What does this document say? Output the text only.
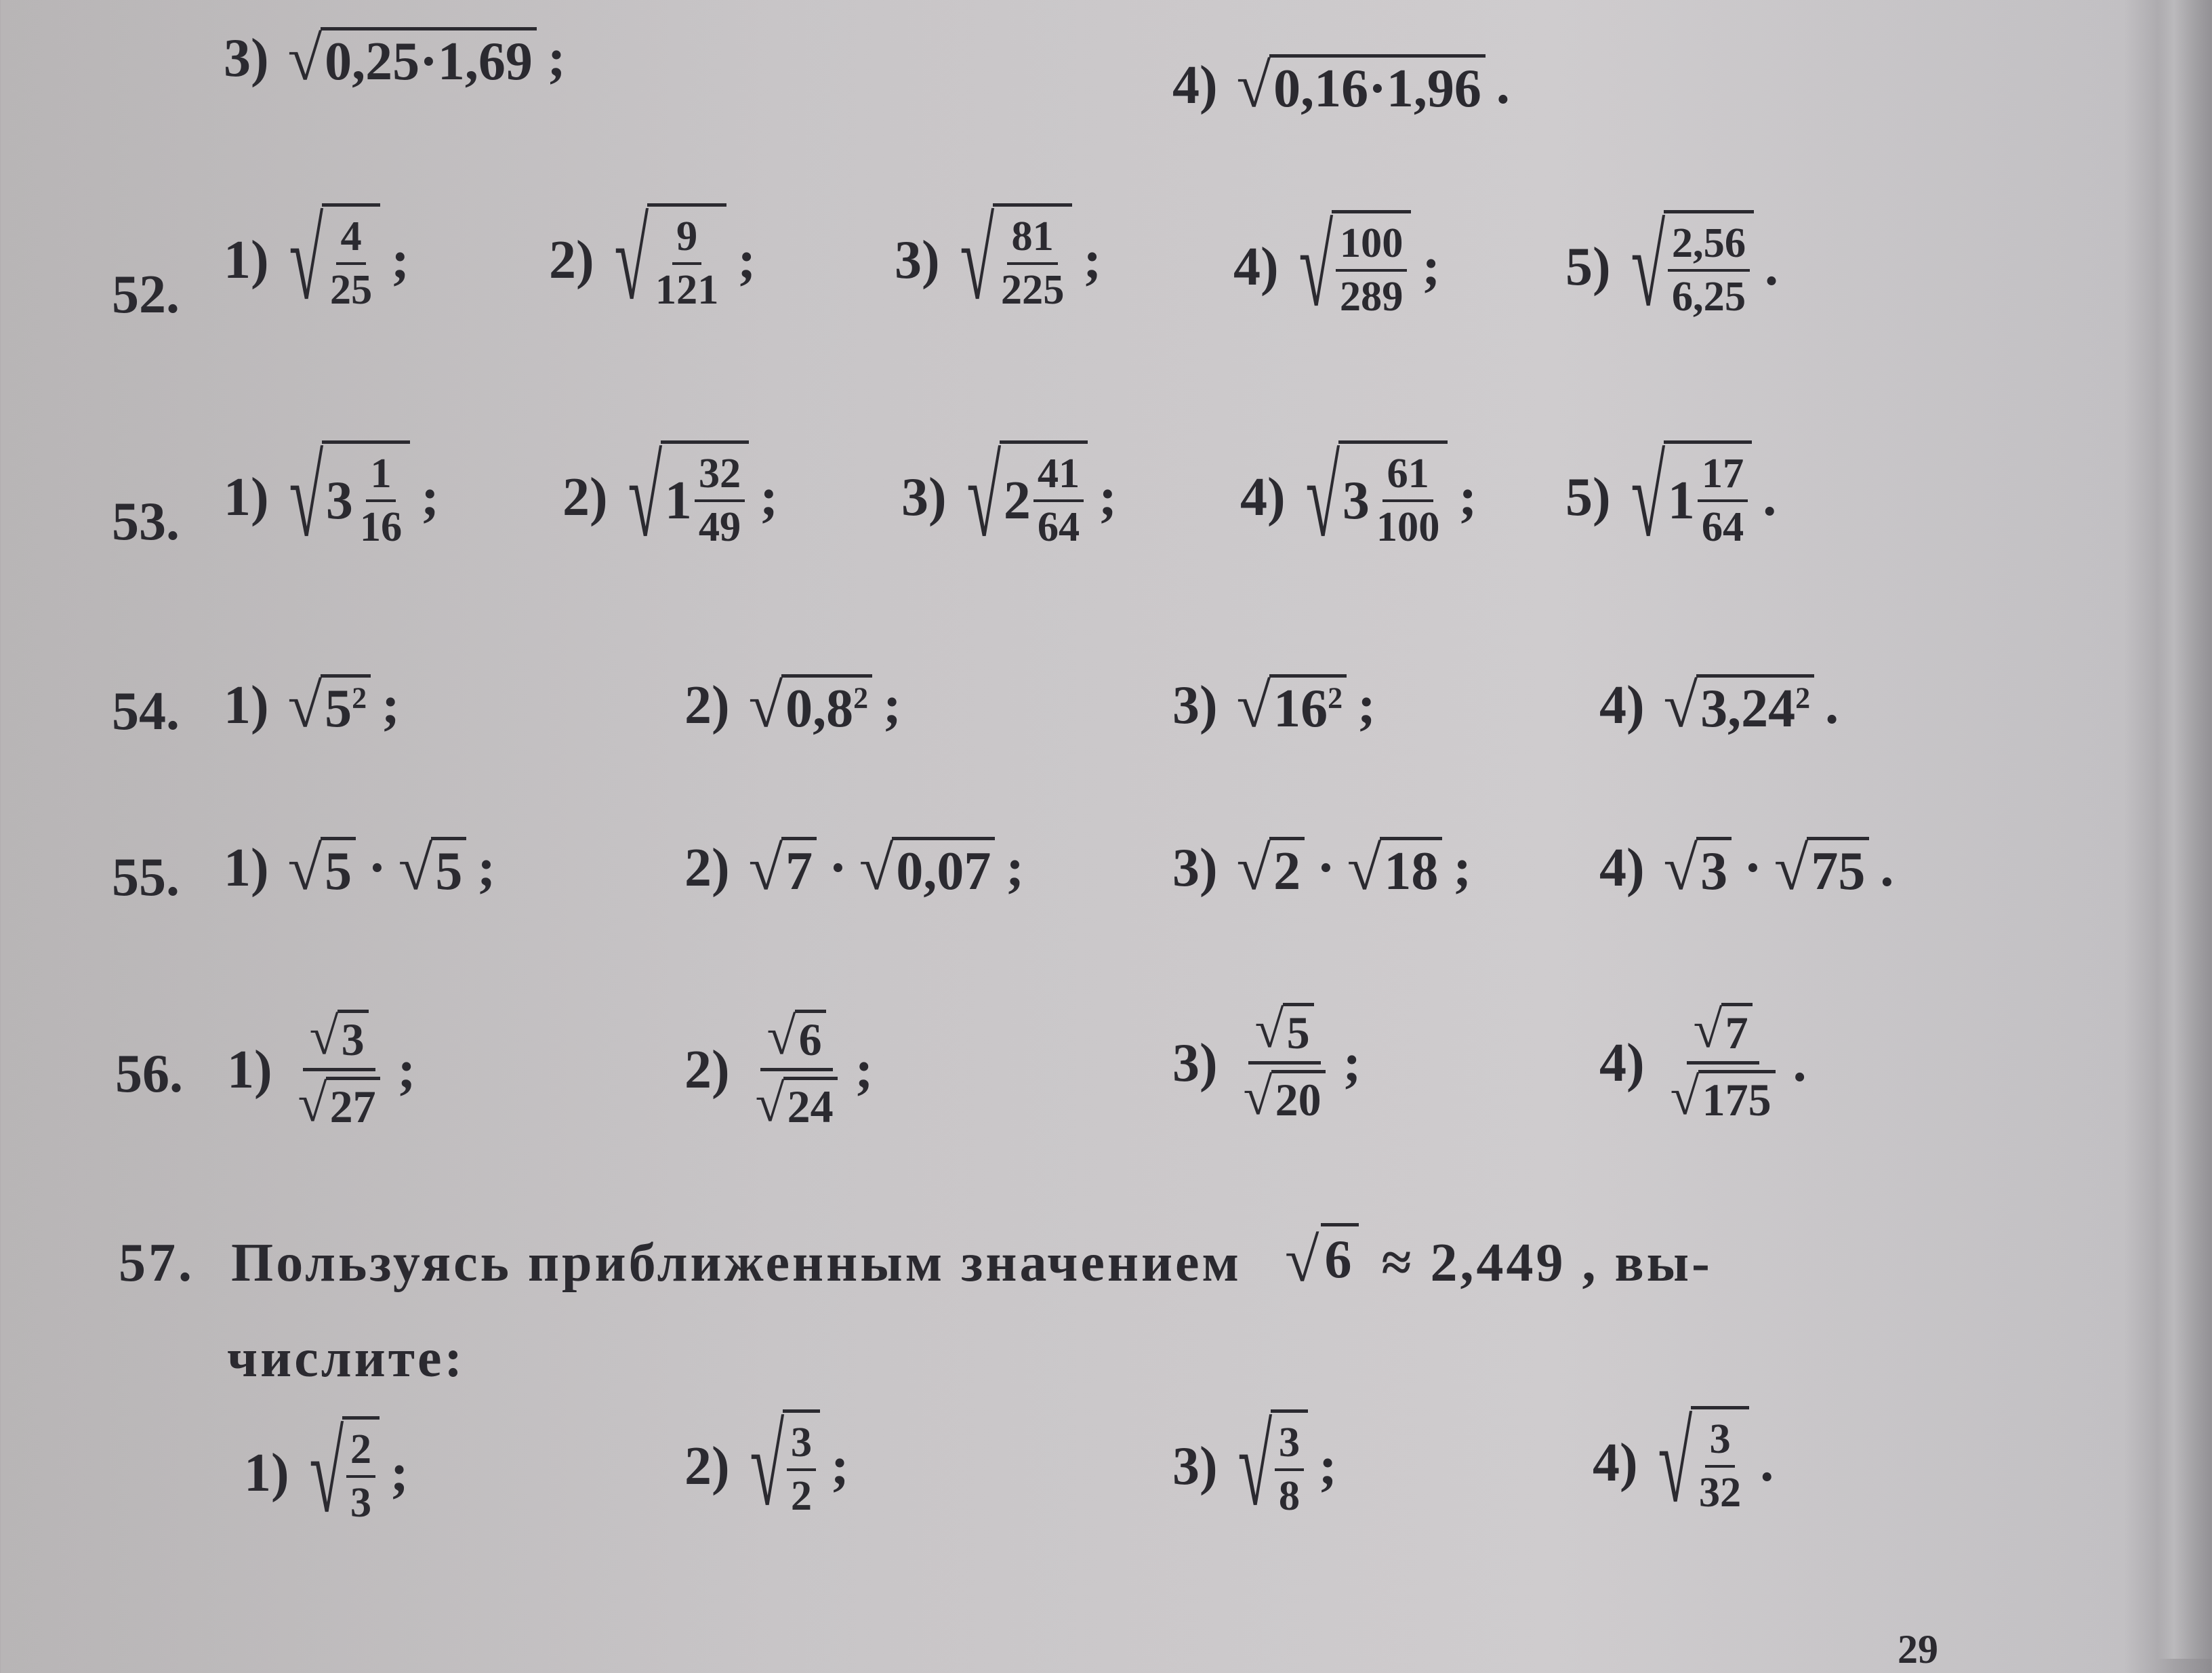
3) √ 0,25·1,69 ;	4) √ 0,16·1,96 .
52.
53.
54.
55.
56.
57. Пользуясь приближенным значением √ 6 ≈ 2,449 , вы-
числите:
29
1) √ $\frac{4}{25}$ ;	2) √ $\frac{9}{121}$ ;	3) √ $\frac{81}{225}$ ; 4) √ $\frac{100}{289}$ ; 5) √ $\frac{2,56}{6,25}$ .
1) √ $3 \frac{1}{16}$ ; 2) √ $1 \frac{32}{49}$ ; 3) √ $2 \frac{41}{64}$ ; 4) √ $3 \frac{61}{100}$ ; 5) √ $1 \frac{17}{64}$ .
1) √ $5^2$ ;	2) √ $0,8^2$ ;	3) √ $16^2$ ;	4) √ 3,24$^2$ .
1) √ 5 · √ 5 ;	2) √ 7 · √ 0,07 ;	3) √ 2 · √ 18 ; 4) √ 3 · √ 75 .
$1) \frac{√ 3}{√ 27}$ ;	$2) \frac{√ 6}{√ 24}$ ;	$3) \frac{√ 5}{√ 20}$ ;	$4) \frac{√ 7}{√ 175}$ .
1) √ $\frac{2}{3}$ ;	2) √ $\frac{3}{2}$ ;	3) √ $\frac{3}{8}$ ;	4) √ $\frac{3}{32}$ .
